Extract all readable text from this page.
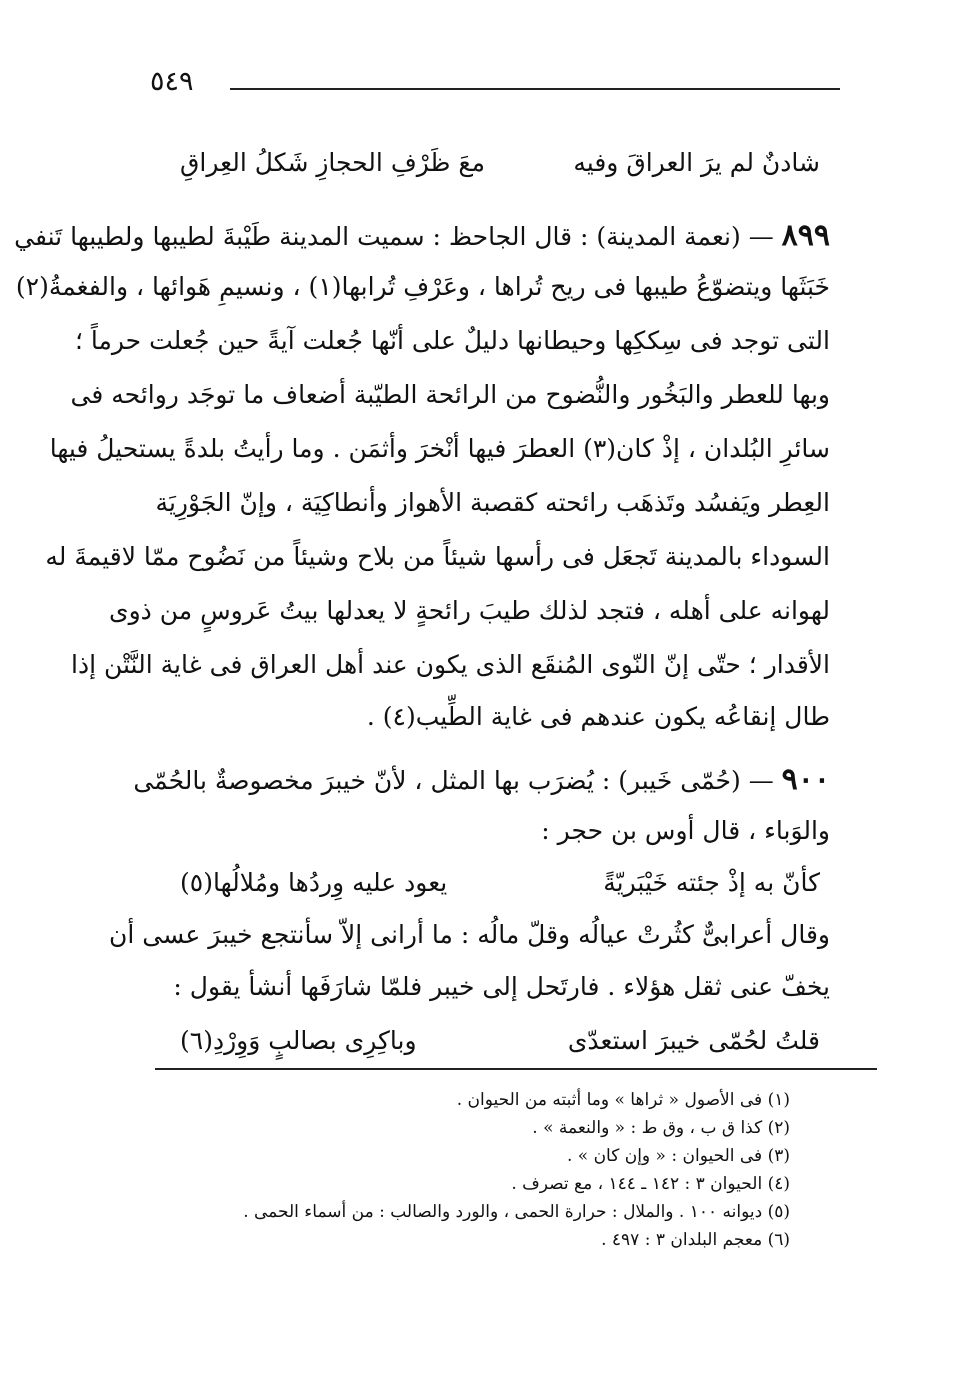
٥٤٩
شادنٌ لم يرَ العراقَ وفيه
معَ ظَرْفِ الحجازِ شَكلُ العِراقِ
٨٩٩ — (نعمة المدينة) : قال الجاحظ : سميت المدينة طَيْبةَ لطيبها ولطيبها تَنفي
خَبَثَها ويتضوّعُ طيبها فى ريح تُراها ، وعَرْفِ تُرابها(١) ، ونسيمِ هَوائها ، والفغمةُ(٢)
التى توجد فى سِككِها وحيطانها دليلٌ على أنّها جُعلت آيةً حين جُعلت حرماً ؛
وبها للعطر والبَخُور والنُّضوح من الرائحة الطيّبة أضعاف ما توجَد روائحه فى
سائرِ البُلدان ، إذْ كان(٣) العطرَ فيها أنْخرَ وأثمَن . وما رأيتُ بلدةً يستحيلُ فيها
العِطر ويَفسُد وتَذهَب رائحته كقصبة الأهواز وأنطاكِيَة ، وإنّ الجَوْرِيَة
السوداء بالمدينة تَجعَل فى رأسها شيئاً من بلاح وشيئاً من نَضُوح ممّا لاقيمةَ له
لهوانه على أهله ، فتجد لذلك طيبَ رائحةٍ لا يعدلها بيتُ عَروسٍ من ذوى
الأقدار ؛ حتّى إنّ النّوى المُنقَع الذى يكون عند أهل العراق فى غاية النَّتْن إذا
طال إنقاعُه يكون عندهم فى غاية الطِّيب(٤) .
٩٠٠ — (حُمّى خَيبر) : يُضرَب بها المثل ، لأنّ خيبرَ مخصوصةٌ بالحُمّى
والوَباء ، قال أوس بن حجر :
كأنّ به إذْ جئته خَيْبَريّةً
يعود عليه وِردُها ومُلالُها(٥)
وقال أعرابىٌّ كثُرتْ عيالُه وقلّ مالُه : ما أرانى إلاّ سأنتجع خيبرَ عسى أن
يخفّ عنى ثقل هؤلاء . فارتَحل إلى خيبر فلمّا شارَفَها أنشأ يقول :
قلتُ لحُمّى خيبرَ استعدّى
وباكِرِى بصالبٍ وَوِرْدِ(٦)
(١) فى الأصول « ثراها » وما أثبته من الحيوان .
(٢) كذا ق ب ، وق ط : « والنعمة » .
(٣) فى الحيوان : « وإن كان » .
(٤) الحيوان ٣ : ١٤٢ ـ ١٤٤ ، مع تصرف .
(٥) ديوانه ١٠٠ . والملال : حرارة الحمى ، والورد والصالب : من أسماء الحمى .
(٦) معجم البلدان ٣ : ٤٩٧ .
